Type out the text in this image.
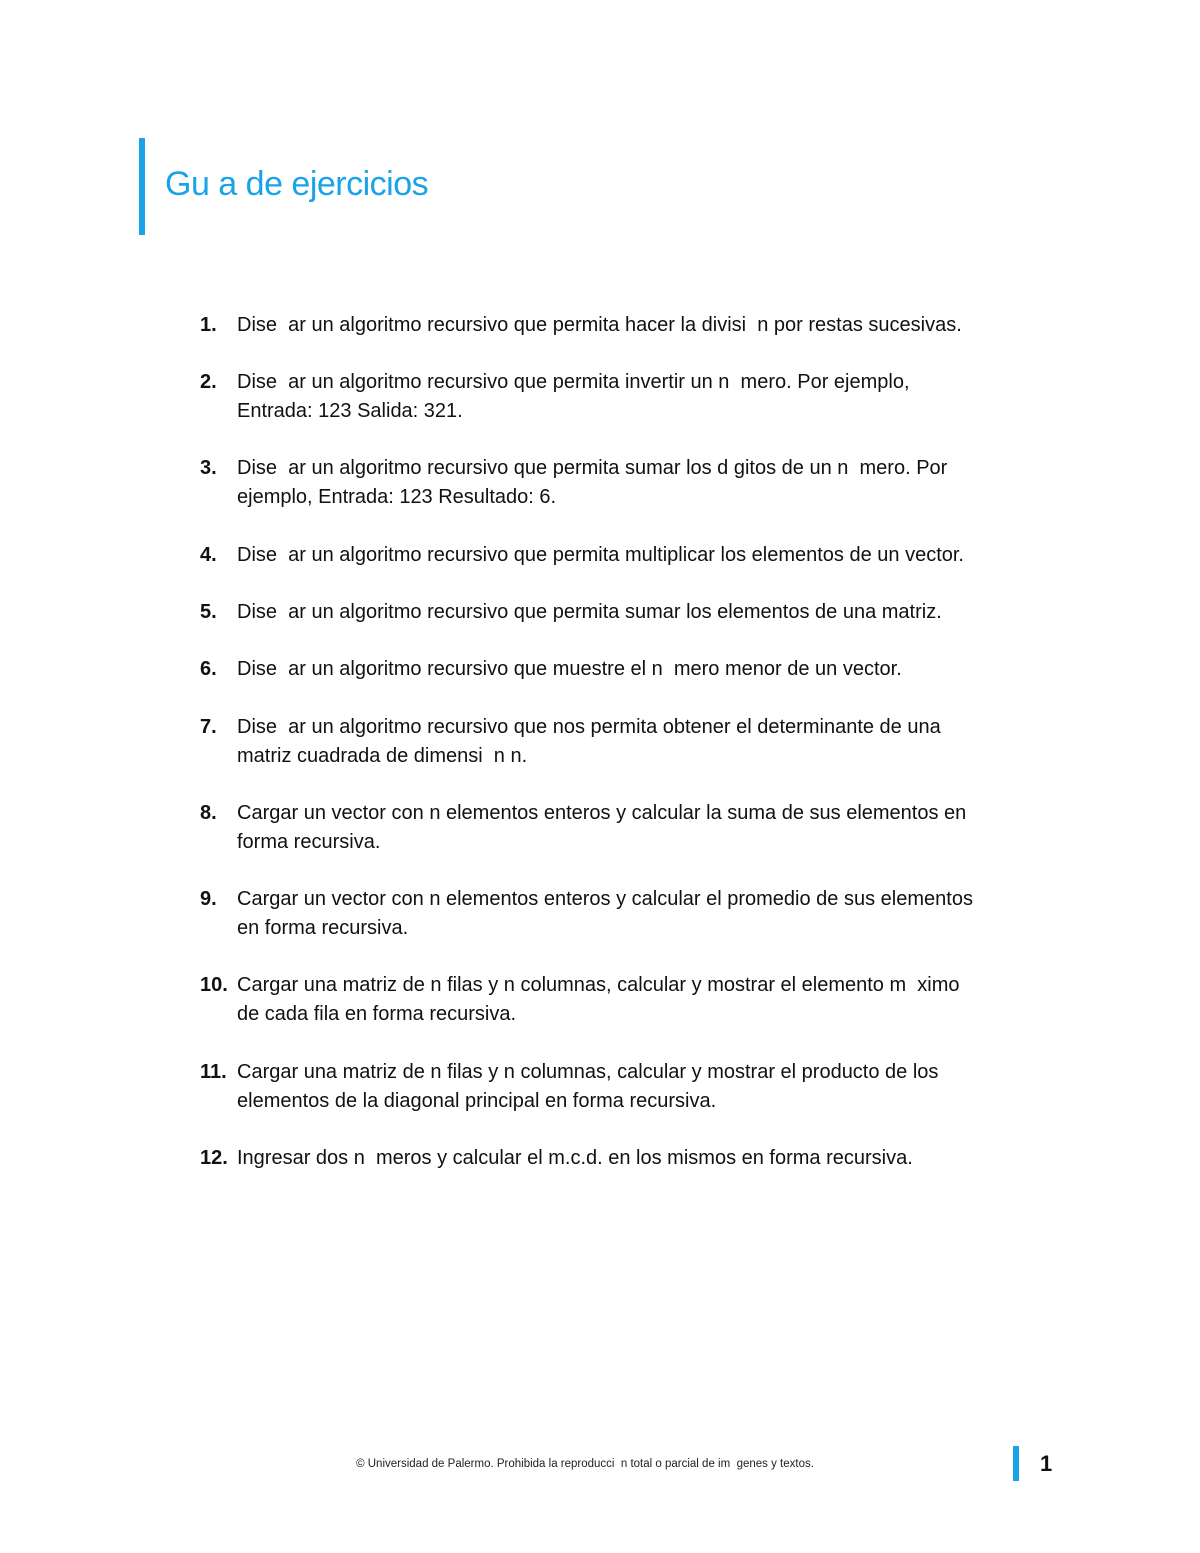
Gu a de ejercicios
1.	Dise  ar un algoritmo recursivo que permita hacer la divisi  n por restas sucesivas.
2.	Dise  ar un algoritmo recursivo que permita invertir un n  mero. Por ejemplo,
Entrada: 123 Salida: 321.
3.	Dise  ar un algoritmo recursivo que permita sumar los d gitos de un n  mero. Por
ejemplo, Entrada: 123 Resultado: 6.
4.	Dise  ar un algoritmo recursivo que permita multiplicar los elementos de un vector.
5.	Dise  ar un algoritmo recursivo que permita sumar los elementos de una matriz.
6.	Dise  ar un algoritmo recursivo que muestre el n  mero menor de un vector.
7.	Dise  ar un algoritmo recursivo que nos permita obtener el determinante de una
matriz cuadrada de dimensi  n n.
8.	Cargar un vector con n elementos enteros y calcular la suma de sus elementos en
forma recursiva.
9.	Cargar un vector con n elementos enteros y calcular el promedio de sus elementos
en forma recursiva.
10. Cargar una matriz de n filas y n columnas, calcular y mostrar el elemento m  ximo
de cada fila en forma recursiva.
11. Cargar una matriz de n filas y n columnas, calcular y mostrar el producto de los
elementos de la diagonal principal en forma recursiva.
12. Ingresar dos n  meros y calcular el m.c.d. en los mismos en forma recursiva.
© Universidad de Palermo. Prohibida la reproducci  n total o parcial de im  genes y textos.	1
